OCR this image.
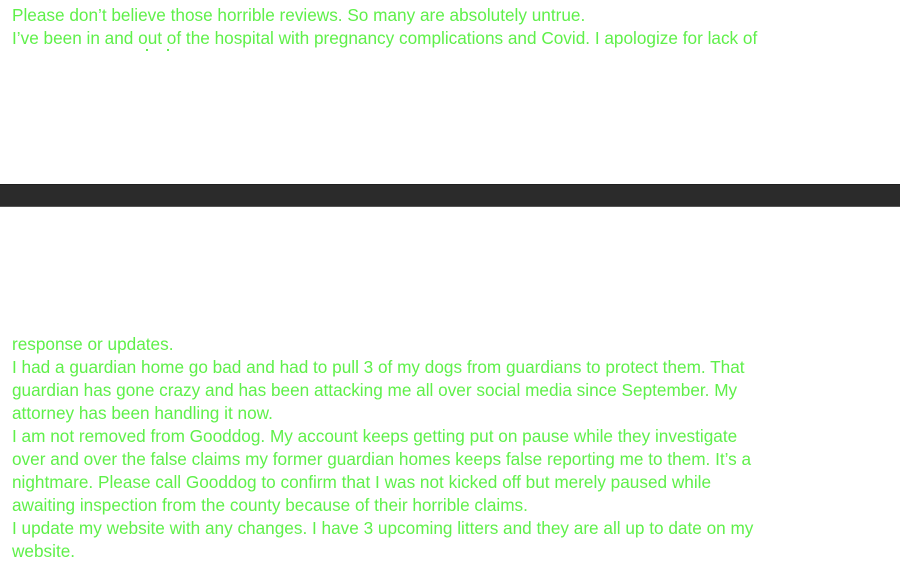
Please don’t believe those horrible reviews. So many are absolutely untrue.
I’ve been in and out of the hospital with pregnancy complications and Covid. I apologize for lack of
response or updates.
I had a guardian home go bad and had to pull 3 of my dogs from guardians to protect them. That
guardian has gone crazy and has been attacking me all over social media since September. My
attorney has been handling it now.
I am not removed from Gooddog. My account keeps getting put on pause while they investigate
over and over the false claims my former guardian homes keeps false reporting me to them. It’s a
nightmare. Please call Gooddog to confirm that I was not kicked off but merely paused while
awaiting inspection from the county because of their horrible claims.
I update my website with any changes. I have 3 upcoming litters and they are all up to date on my
website.
